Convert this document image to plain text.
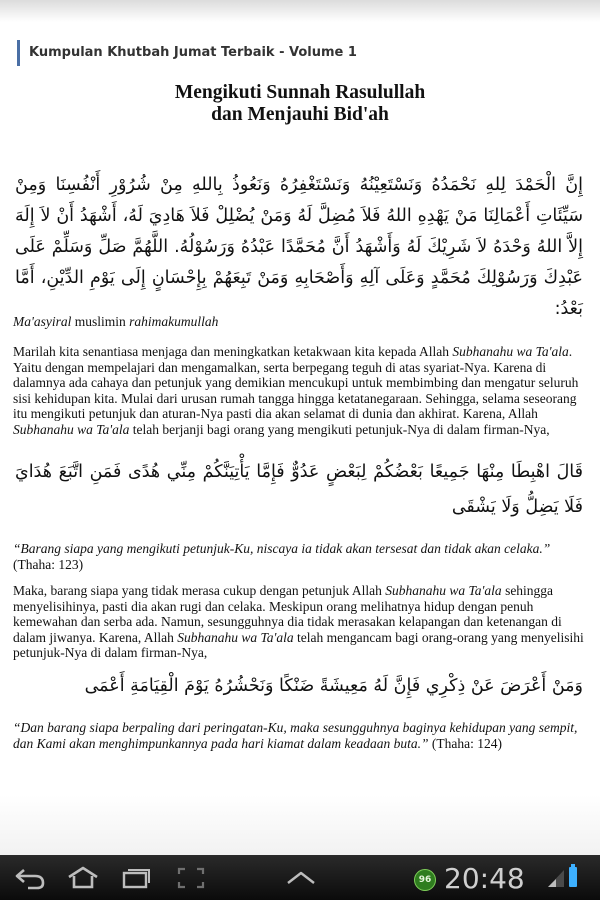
Kumpulan Khutbah Jumat Terbaik - Volume 1
Mengikuti Sunnah Rasulullah
dan Menjauhi Bid'ah
إِنَّ الْحَمْدَ لِلهِ نَحْمَدُهُ وَنَسْتَعِيْنُهُ وَنَسْتَغْفِرُهُ وَنَعُوذُ بِاللهِ مِنْ شُرُوْرِ أَنْفُسِنَا وَمِنْ سَيِّئَاتِ أَعْمَالِنَا مَنْ يَهْدِهِ اللهُ فَلاَ مُضِلَّ لَهُ وَمَنْ يُضْلِلْ فَلاَ هَادِيَ لَهُ، أَشْهَدُ أَنْ لاَ إِلَهَ إِلاَّ اللهُ وَحْدَهُ لاَ شَرِيْكَ لَهُ وَأَشْهَدُ أَنَّ مُحَمَّدًا عَبْدُهُ وَرَسُوْلُهُ. اللَّهُمَّ صَلِّ وَسَلِّمْ عَلَى عَبْدِكَ وَرَسُوْلِكَ مُحَمَّدٍ وَعَلَى آلِهِ وَأَصْحَابِهِ وَمَنْ تَبِعَهُمْ بِإِحْسَانٍ إِلَى يَوْمِ الدِّيْنِ، أَمَّا بَعْدُ:
Ma'asyiral muslimin rahimakumullah
Marilah kita senantiasa menjaga dan meningkatkan ketakwaan kita kepada Allah Subhanahu wa Ta'ala. Yaitu dengan mempelajari dan mengamalkan, serta berpegang teguh di atas syariat-Nya. Karena di dalamnya ada cahaya dan petunjuk yang demikian mencukupi untuk membimbing dan mengatur seluruh sisi kehidupan kita. Mulai dari urusan rumah tangga hingga ketatanegaraan. Sehingga, selama seseorang itu mengikuti petunjuk dan aturan-Nya pasti dia akan selamat di dunia dan akhirat. Karena, Allah Subhanahu wa Ta'ala telah berjanji bagi orang yang mengikuti petunjuk-Nya di dalam firman-Nya,
قَالَ اهْبِطَا مِنْهَا جَمِيعًا بَعْضُكُمْ لِبَعْضٍ عَدُوٌّ فَإِمَّا يَأْتِيَنَّكُمْ مِنِّي هُدًى فَمَنِ اتَّبَعَ هُدَايَ فَلَا يَضِلُّ وَلَا يَشْقَى
“Barang siapa yang mengikuti petunjuk-Ku, niscaya ia tidak akan tersesat dan tidak akan celaka.” (Thaha: 123)
Maka, barang siapa yang tidak merasa cukup dengan petunjuk Allah Subhanahu wa Ta'ala sehingga menyelisihinya, pasti dia akan rugi dan celaka. Meskipun orang melihatnya hidup dengan penuh kemewahan dan serba ada. Namun, sesungguhnya dia tidak merasakan kelapangan dan ketenangan di dalam jiwanya. Karena, Allah Subhanahu wa Ta'ala telah mengancam bagi orang-orang yang menyelisihi petunjuk-Nya di dalam firman-Nya,
وَمَنْ أَعْرَضَ عَنْ ذِكْرِي فَإِنَّ لَهُ مَعِيشَةً ضَنْكًا وَنَحْشُرُهُ يَوْمَ الْقِيَامَةِ أَعْمَى
“Dan barang siapa berpaling dari peringatan-Ku, maka sesungguhnya baginya kehidupan yang sempit, dan Kami akan menghimpunkannya pada hari kiamat dalam keadaan buta.” (Thaha: 124)
96 20:48
